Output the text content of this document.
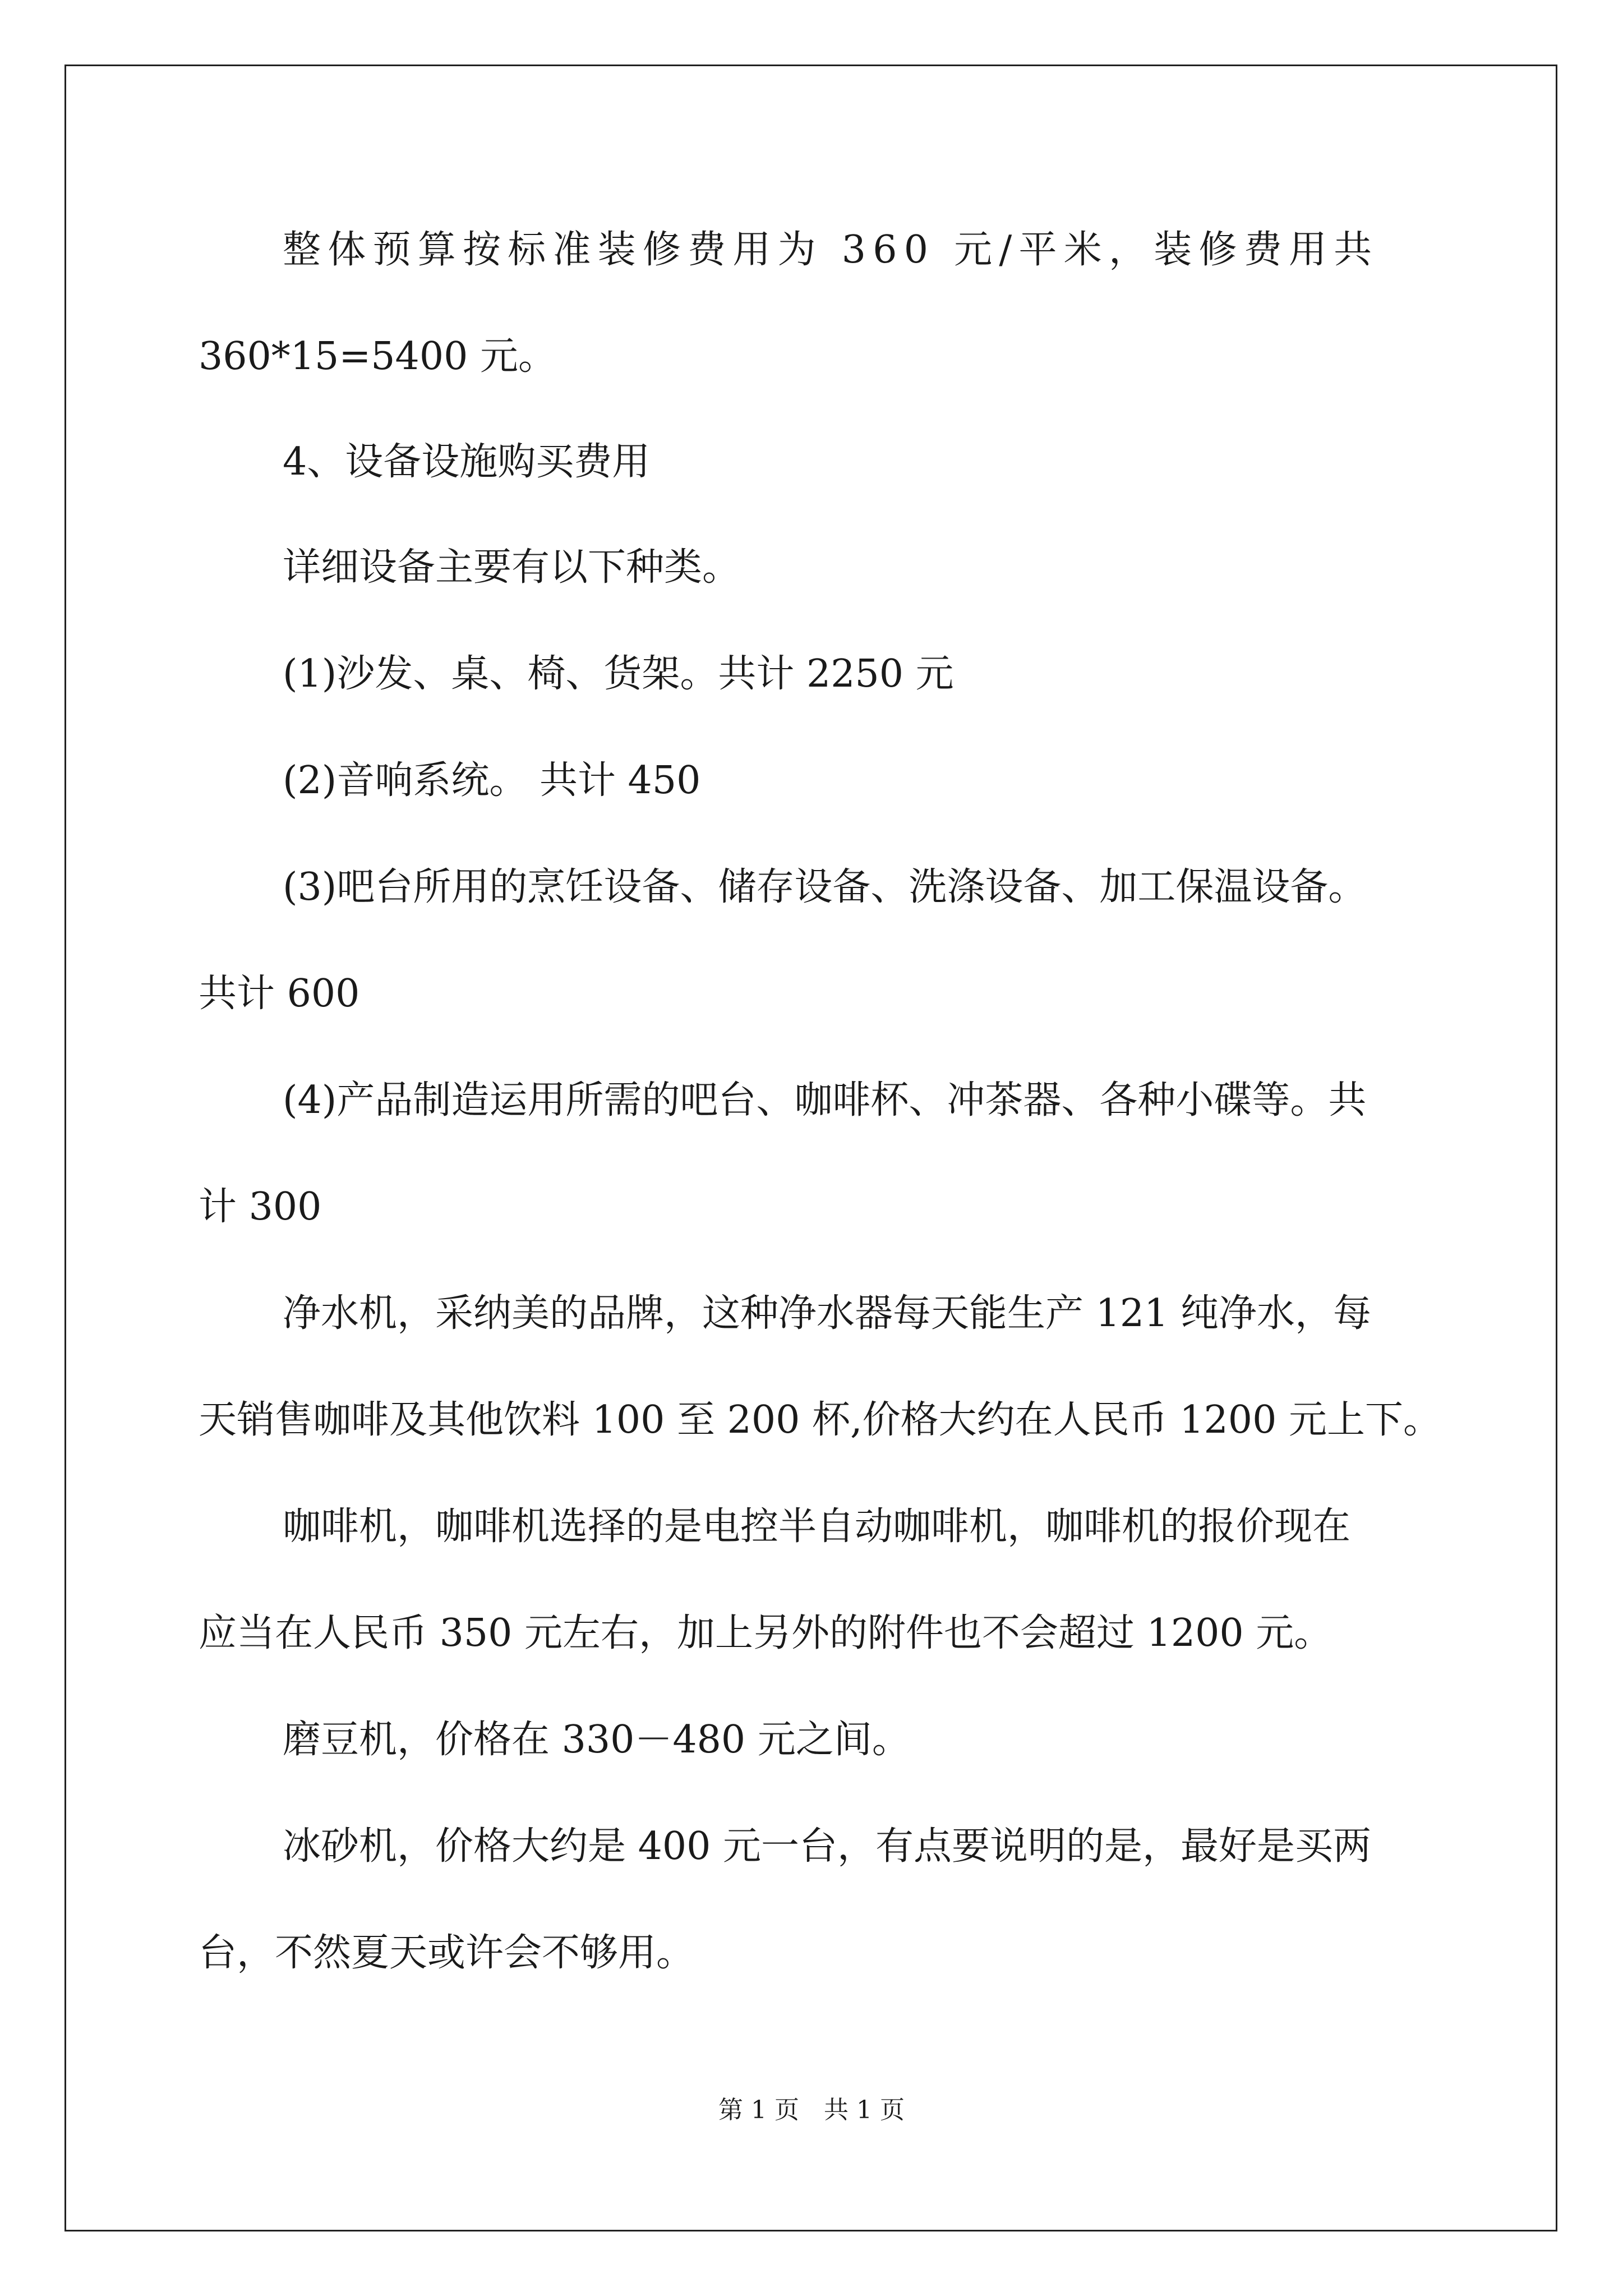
整体预算按标准装修费用为 360 元/平米，装修费用共

360*15=5400 元。

4、设备设施购买费用

详细设备主要有以下种类。

(1)沙发、桌、椅、货架。共计 2250 元

(2)音响系统。 共计 450

(3)吧台所用的烹饪设备、储存设备、洗涤设备、加工保温设备。

共计 600

(4)产品制造运用所需的吧台、咖啡杯、冲茶器、各种小碟等。共

计 300

净水机，采纳美的品牌，这种净水器每天能生产 121 纯净水，每

天销售咖啡及其他饮料 100 至 200 杯,价格大约在人民币 1200 元上下。

咖啡机，咖啡机选择的是电控半自动咖啡机，咖啡机的报价现在

应当在人民币 350 元左右，加上另外的附件也不会超过 1200 元。

磨豆机，价格在 330－480 元之间。

冰砂机，价格大约是 400 元一台，有点要说明的是，最好是买两

台，不然夏天或许会不够用。

第 1 页　共 1 页
